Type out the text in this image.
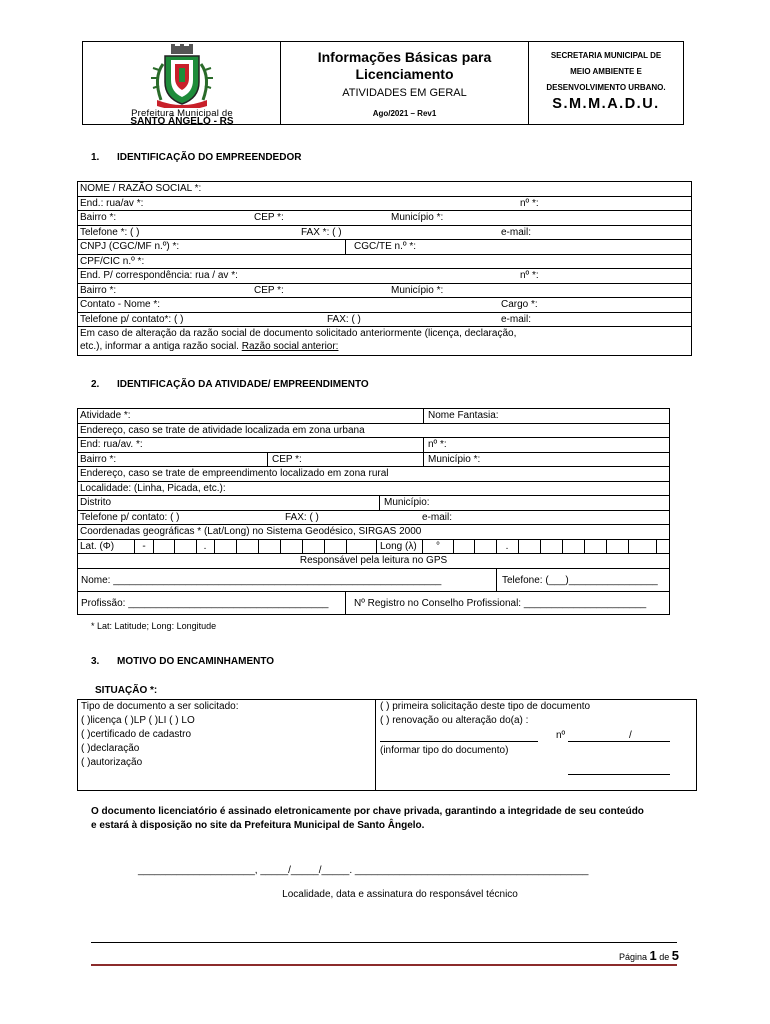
Prefeitura Municipal de
SANTO ÂNGELO - RS
Informações Básicas para Licenciamento
ATIVIDADES EM GERAL
Ago/2021 – Rev1
SECRETARIA MUNICIPAL DE
MEIO AMBIENTE E
DESENVOLVIMENTO URBANO.
S.M.M.A.D.U.
1. IDENTIFICAÇÃO DO EMPREENDEDOR
NOME / RAZÃO SOCIAL *:
End.: rua/av *:	nº *:

Bairro *:	CEP *:	Município *:

Telefone *: ( )	FAX *: ( )	e-mail:

CNPJ (CGC/MF n.º) *:	CGC/TE n.º *:

CPF/CIC n.º *:
End. P/ correspondência: rua / av *:	nº *:

Bairro *:	CEP *:	Município *:

Contato - Nome *:	Cargo *:

Telefone p/ contato*: ( )	FAX: ( )	e-mail:

Em caso de alteração da razão social de documento solicitado anteriormente (licença, declaração,
etc.), informar a antiga razão social. Razão social anterior:
2. IDENTIFICAÇÃO DA ATIVIDADE/ EMPREENDIMENTO
Atividade *:	Nome Fantasia:

Endereço, caso se trate de atividade localizada em zona urbana

End: rua/av. *:	nº *:

Bairro *:	CEP *:	Município *:

Endereço, caso se trate de empreendimento localizado em zona rural
Localidade: (Linha, Picada, etc.):

Distrito	Município:

Telefone p/ contato: ( )	FAX: ( )	e-mail:

Coordenadas geográficas * (Lat/Long) no Sistema Geodésico, SIRGAS 2000

Lat. (Φ)	-	.	Long (λ)	°	.

Responsável pela leitura no GPS

Nome: ___________________________________________________________	Telefone: (___)________________

Profissão: ____________________________________	Nº Registro no Conselho Profissional: ______________________
* Lat: Latitude; Long: Longitude
3. MOTIVO DO ENCAMINHAMENTO
SITUAÇÃO *:
Tipo de documento a ser solicitado:
( )licença ( )LP ( )LI ( ) LO
( )certificado de cadastro
( )declaração
( )autorização
( ) primeira solicitação deste tipo de documento
( ) renovação ou alteração do(a) :
nº	/
(informar tipo do documento)
O documento licenciatório é assinado eletronicamente por chave privada, garantindo a integridade de seu conteúdo
e estará à disposição no site da Prefeitura Municipal de Santo Ângelo.
_____________________, _____/_____/_____. __________________________________________
Localidade, data e assinatura do responsável técnico
Página 1 de 5
